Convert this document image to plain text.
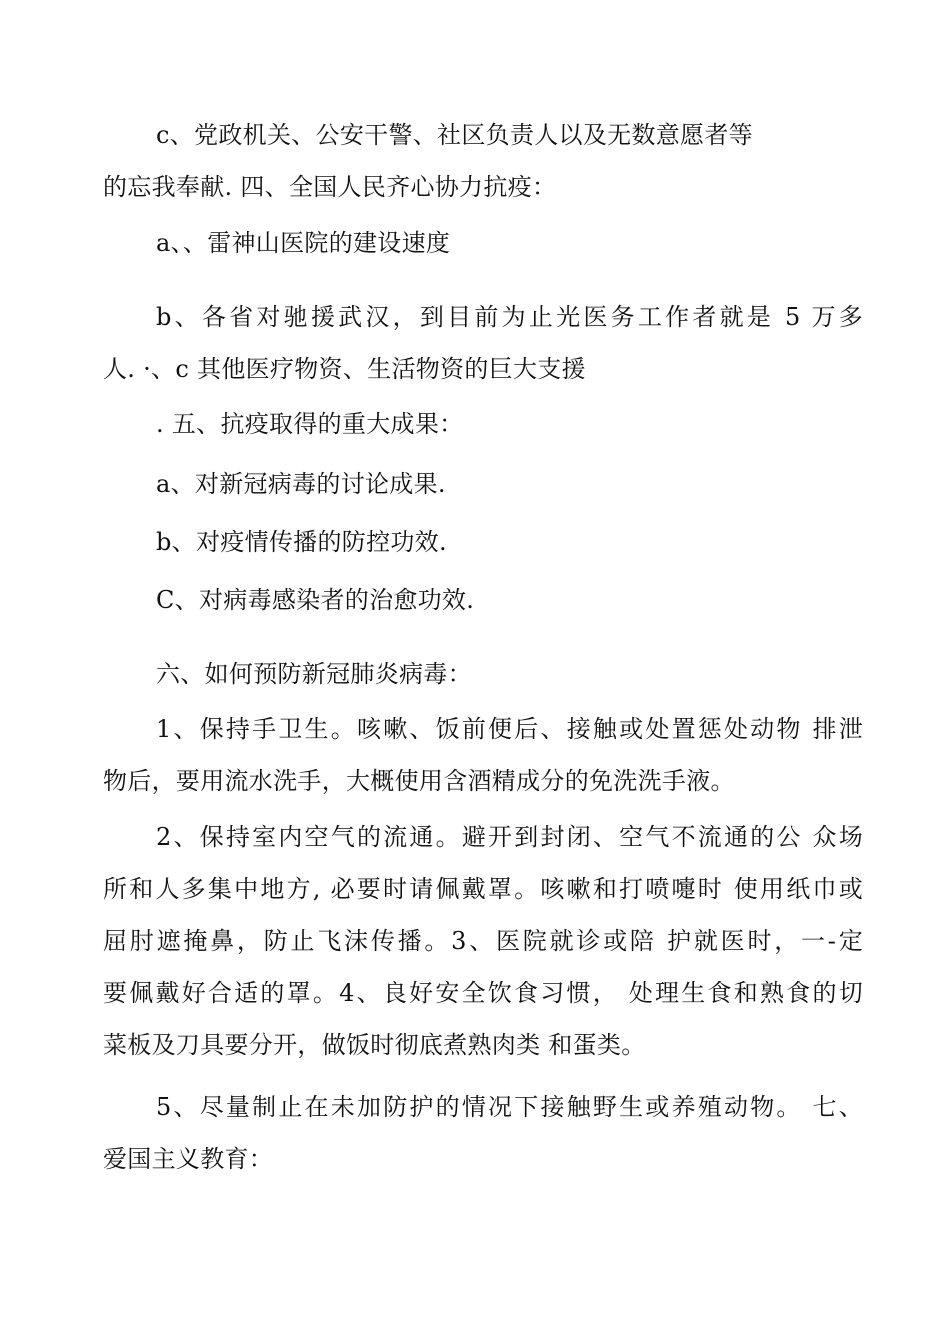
c、党政机关、公安干警、社区负责人以及无数意愿者等
的忘我奉献. 四、全国人民齐心协力抗疫：

a、、雷神山医院的建设速度

b、各省对驰援武汉，到目前为止光医务工作者就是 5 万多
人. ·、c 其他医疗物资、生活物资的巨大支援

. 五、抗疫取得的重大成果：

a、对新冠病毒的讨论成果.

b、对疫情传播的防控功效.

C、对病毒感染者的治愈功效.

六、如何预防新冠肺炎病毒：

1、保持手卫生。咳嗽、饭前便后、接触或处置惩处动物 排泄
物后，要用流水洗手，大概使用含酒精成分的免洗洗手液。

2、保持室内空气的流通。避开到封闭、空气不流通的公 众场
所和人多集中地方, 必要时请佩戴罩。咳嗽和打喷嚏时 使用纸巾或
屈肘遮掩鼻，防止飞沫传播。3、医院就诊或陪 护就医时，一-定
要佩戴好合适的罩。4、良好安全饮食习惯， 处理生食和熟食的切
菜板及刀具要分开，做饭时彻底煮熟肉类 和蛋类。

5、尽量制止在未加防护的情况下接触野生或养殖动物。 七、
爱国主义教育：
